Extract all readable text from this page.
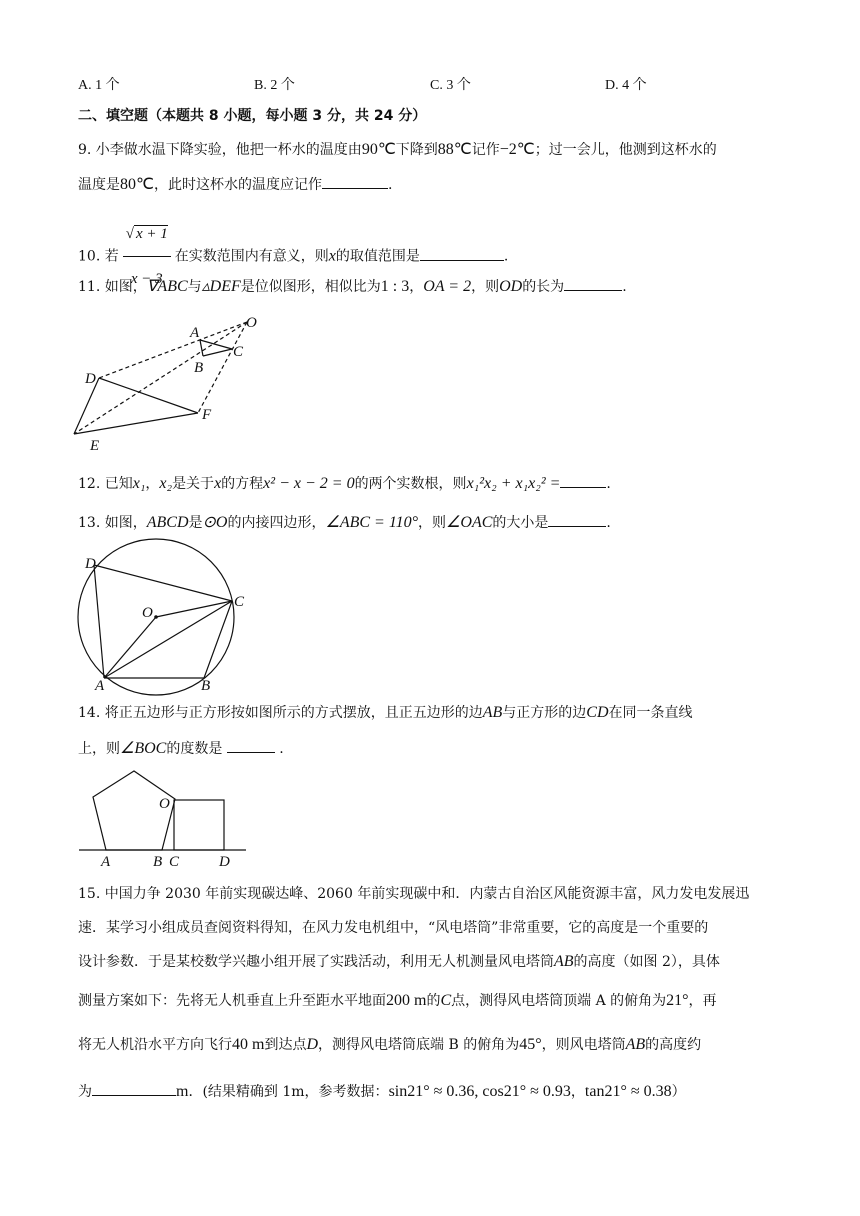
A. 1 个	B. 2 个	C. 3 个	D. 4 个
二、填空题（本题共 8 小题，每小题 3 分，共 24 分）
9. 小李做水温下降实验，他把一杯水的温度由90℃下降到88℃记作−2℃；过一会儿，他测到这杯水的
温度是80℃，此时这杯水的温度应记作	.
10. 若 $\frac{√ x + 1}{x - 3}$ 在实数范围内有意义，则x的取值范围是	.
11. 如图，∇ABC与▵DEF是位似图形，相似比为1 : 3，OA = 2，则OD的长为	.
O
A
B
C
D
E
F
12. 已知x₁，x₂是关于x的方程x² − x − 2 = 0的两个实数根，则x₁²x₂ + x₁x₂² =	.
13. 如图，ABCD是⊙O的内接四边形，∠ABC = 110°，则∠OAC的大小是	.
O
A	B
C
D
14. 将正五边形与正方形按如图所示的方式摆放，且正五边形的边AB与正方形的边CD在同一条直线
上，则∠BOC的度数是	.
O
A	B C	D
15. 中国力争 2030 年前实现碳达峰、2060 年前实现碳中和．内蒙古自治区风能资源丰富，风力发电发展迅
速．某学习小组成员查阅资料得知，在风力发电机组中，“风电塔筒”非常重要，它的高度是一个重要的
设计参数．于是某校数学兴趣小组开展了实践活动，利用无人机测量风电塔筒AB的高度（如图 2），具体
测量方案如下：先将无人机垂直上升至距水平地面200 m的C点，测得风电塔筒顶端 A 的俯角为21°，再
将无人机沿水平方向飞行40 m到达点D，测得风电塔筒底端 B 的俯角为45°，则风电塔筒AB的高度约
为	m．(结果精确到 1m，参考数据：sin21° ≈ 0.36, cos21° ≈ 0.93，tan21° ≈ 0.38）
